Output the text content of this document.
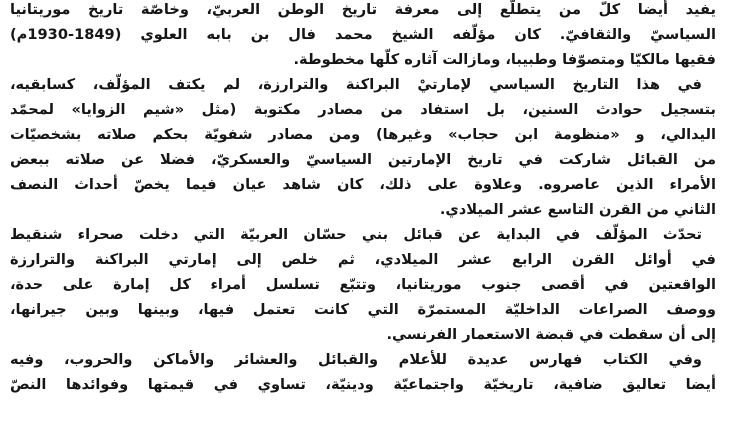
يفيد أيضا كلّ من يتطلّع إلى معرفة تاريخ الوطن العربيّ، وخاصّة تاريخ موريتانيا
السياسيّ والثقافيّ. كان مؤلّفه الشيخ محمد فال بن بابه العلوي (1849-1930م)
فقيها مالكيّا ومتصوّفا وطبيبا، ومازالت آثاره كلّها مخطوطة.
في هذا التاريخ السياسي لإمارتيْ البراكنة والترارزة، لم يكتف المؤلّف، كسابقيه،
بتسجيل حوادث السنين، بل استفاد من مصادر مكتوبة (مثل «شيم الزوايا» لمحمّد
اليدالي، و «منظومة ابن حجاب» وغيرها) ومن مصادر شفويّة بحكم صلاته بشخصيّات
من القبائل شاركت في تاريخ الإمارتين السياسيّ والعسكريّ، فضلا عن صلاته ببعض
الأمراء الذين عاصروه. وعلاوة على ذلك، كان شاهد عيان فيما يخصّ أحداث النصف
الثاني من القرن التاسع عشر الميلادي.
تحدّث المؤلّف في البداية عن قبائل بني حسّان العربيّة التي دخلت صحراء شنقيط
في أوائل القرن الرابع عشر الميلادي، ثم خلص إلى إمارتي البراكنة والترارزة
الواقعتين في أقصى جنوب موريتانيا، وتتبّع تسلسل أمراء كل إمارة على حدة،
ووصف الصراعات الداخليّة المستمرّة التي كانت تعتمل فيها، وبينها وبين جيرانها،
إلى أن سقطت في قبضة الاستعمار الفرنسي.
وفي الكتاب فهارس عديدة للأعلام والقبائل والعشائر والأماكن والحروب، وفيه
أيضا تعاليق ضافية، تاريخيّة واجتماعيّة ودينيّة، تساوي في قيمتها وفوائدها النصّ
